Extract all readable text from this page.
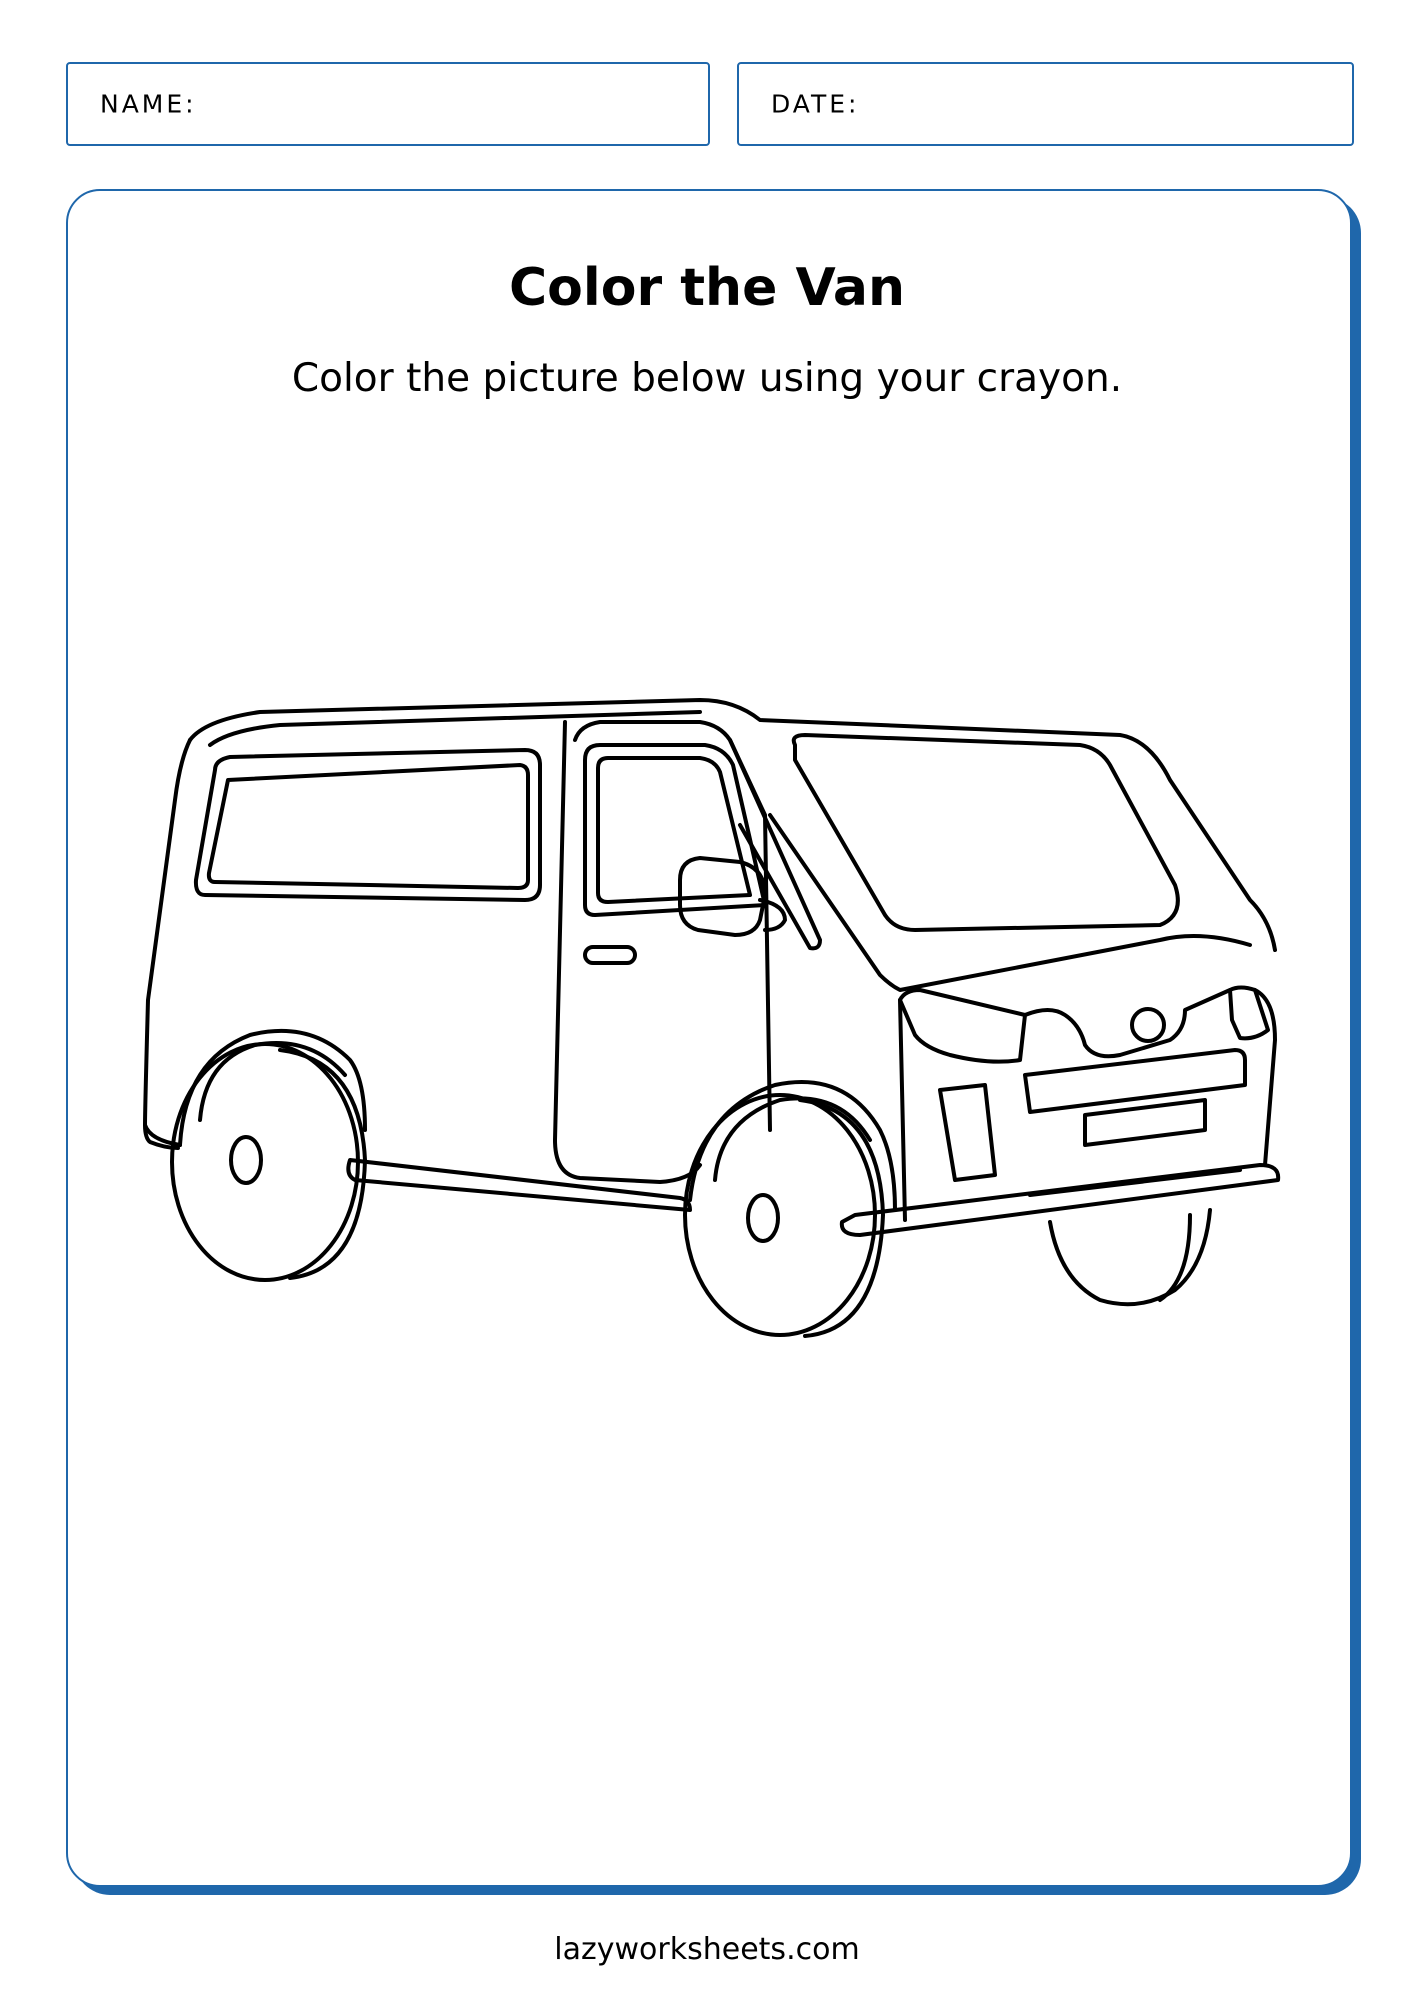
NAME:	DATE:
Color the Van
Color the picture below using your crayon.
lazyworksheets.com
